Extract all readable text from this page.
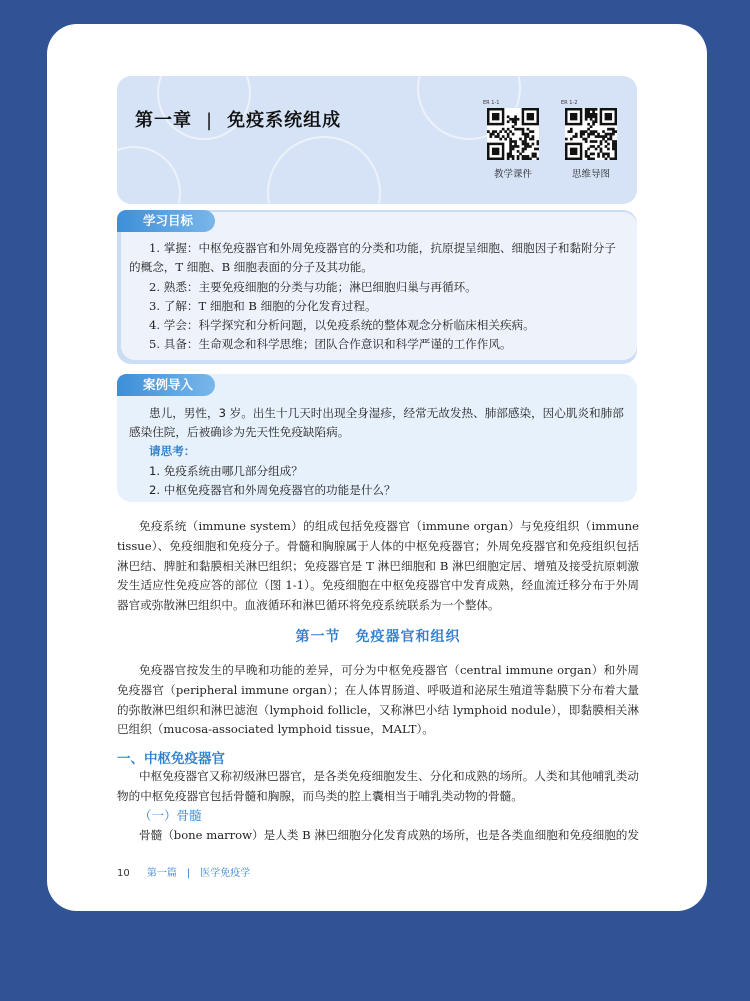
第一章 | 免疫系统组成
ER 1-1
教学课件
ER 1-2
思维导图
学习目标

1. 掌握：中枢免疫器官和外周免疫器官的分类和功能，抗原提呈细胞、细胞因子和黏附分子的概念，T 细胞、B 细胞表面的分子及其功能。

2. 熟悉：主要免疫细胞的分类与功能；淋巴细胞归巢与再循环。

3. 了解：T 细胞和 B 细胞的分化发育过程。

4. 学会：科学探究和分析问题，以免疫系统的整体观念分析临床相关疾病。

5. 具备：生命观念和科学思维；团队合作意识和科学严谨的工作作风。

案例导入

患儿，男性，3 岁。出生十几天时出现全身湿疹，经常无故发热、肺部感染，因心肌炎和肺部感染住院，后被确诊为先天性免疫缺陷病。

请思考：

1. 免疫系统由哪几部分组成？

2. 中枢免疫器官和外周免疫器官的功能是什么？

免疫系统（immune system）的组成包括免疫器官（immune organ）与免疫组织（immune tissue）、免疫细胞和免疫分子。骨髓和胸腺属于人体的中枢免疫器官；外周免疫器官和免疫组织包括淋巴结、脾脏和黏膜相关淋巴组织；免疫器官是 T 淋巴细胞和 B 淋巴细胞定居、增殖及接受抗原刺激发生适应性免疫应答的部位（图 1-1）。免疫细胞在中枢免疫器官中发育成熟，经血流迁移分布于外周器官或弥散淋巴组织中。血液循环和淋巴循环将免疫系统联系为一个整体。

第一节　免疫器官和组织

免疫器官按发生的早晚和功能的差异，可分为中枢免疫器官（central immune organ）和外周免疫器官（peripheral immune organ）；在人体胃肠道、呼吸道和泌尿生殖道等黏膜下分布着大量的弥散淋巴组织和淋巴滤泡（lymphoid follicle，又称淋巴小结 lymphoid nodule），即黏膜相关淋巴组织（mucosa-associated lymphoid tissue，MALT）。

一、中枢免疫器官

中枢免疫器官又称初级淋巴器官，是各类免疫细胞发生、分化和成熟的场所。人类和其他哺乳类动物的中枢免疫器官包括骨髓和胸腺，而鸟类的腔上囊相当于哺乳类动物的骨髓。

（一）骨髓

骨髓（bone marrow）是人类 B 淋巴细胞分化发育成熟的场所，也是各类血细胞和免疫细胞的发

10 第一篇 | 医学免疫学
